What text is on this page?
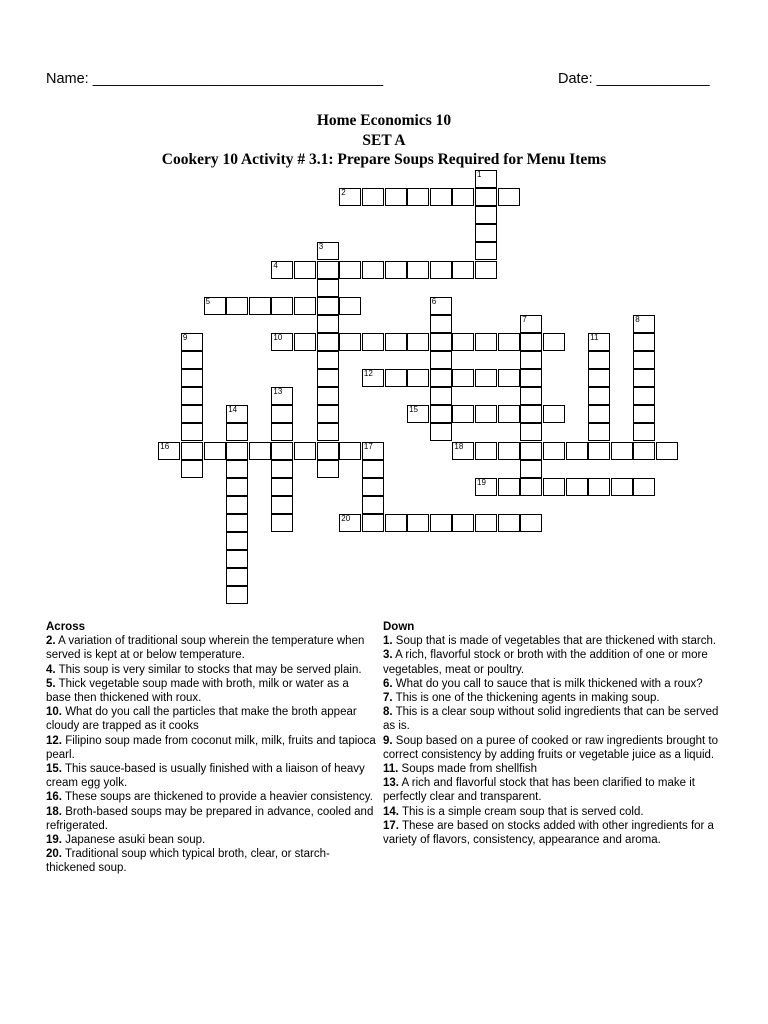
Name: ____________________________________	Date: ______________
Home Economics 10
SET A
Cookery 10 Activity # 3.1: Prepare Soups Required for Menu Items
1
2
3
4
5	6
7	8
9	10	11
12
13
14	15
16	17	18
19
20
Across
2. A variation of traditional soup wherein the temperature when served is kept at or below temperature.
4. This soup is very similar to stocks that may be served plain.
5. Thick vegetable soup made with broth, milk or water as a base then thickened with roux.
10. What do you call the particles that make the broth appear cloudy are trapped as it cooks
12. Filipino soup made from coconut milk, milk, fruits and tapioca pearl.
15. This sauce-based is usually finished with a liaison of heavy cream egg yolk.
16. These soups are thickened to provide a heavier consistency.
18. Broth-based soups may be prepared in advance, cooled and refrigerated.
19. Japanese asuki bean soup.
20. Traditional soup which typical broth, clear, or starch-thickened soup.
Down
1. Soup that is made of vegetables that are thickened with starch.
3. A rich, flavorful stock or broth with the addition of one or more vegetables, meat or poultry.
6. What do you call to sauce that is milk thickened with a roux?
7. This is one of the thickening agents in making soup.
8. This is a clear soup without solid ingredients that can be served as is.
9. Soup based on a puree of cooked or raw ingredients brought to correct consistency by adding fruits or vegetable juice as a liquid.
11. Soups made from shellfish
13. A rich and flavorful stock that has been clarified to make it perfectly clear and transparent.
14. This is a simple cream soup that is served cold.
17. These are based on stocks added with other ingredients for a variety of flavors, consistency, appearance and aroma.
